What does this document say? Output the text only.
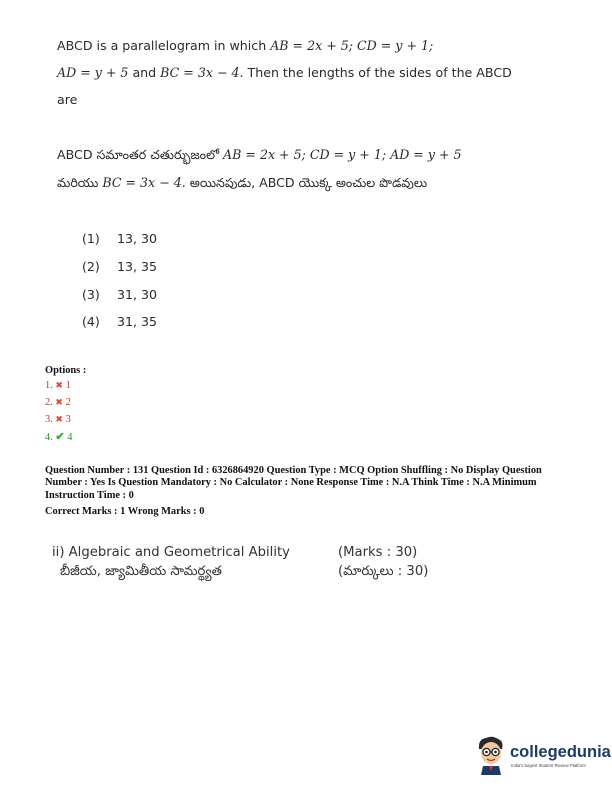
ABCD is a parallelogram in which AB = 2x + 5; CD = y + 1;
AD = y + 5 and BC = 3x − 4. Then the lengths of the sides of the ABCD
are
ABCD సమాంతర చతుర్భుజంలో AB = 2x + 5; CD = y + 1; AD = y + 5
మరియు BC = 3x − 4. అయినపుడు, ABCD యొక్క అంచుల పొడవులు
(1) 13, 30
(2) 13, 35
(3) 31, 30
(4) 31, 35
Options :
1. ✖ 1
2. ✖ 2
3. ✖ 3
4. ✔ 4
Question Number : 131 Question Id : 6326864920 Question Type : MCQ Option Shuffling : No Display Question
Number : Yes Is Question Mandatory : No Calculator : None Response Time : N.A Think Time : N.A Minimum
Instruction Time : 0
Correct Marks : 1 Wrong Marks : 0
ii) Algebraic and Geometrical Ability
బీజీయ, జ్యామితీయ సామర్థ్యత
(Marks : 30)
(మార్కులు : 30)
collegedunia
India's largest Student Review Platform
